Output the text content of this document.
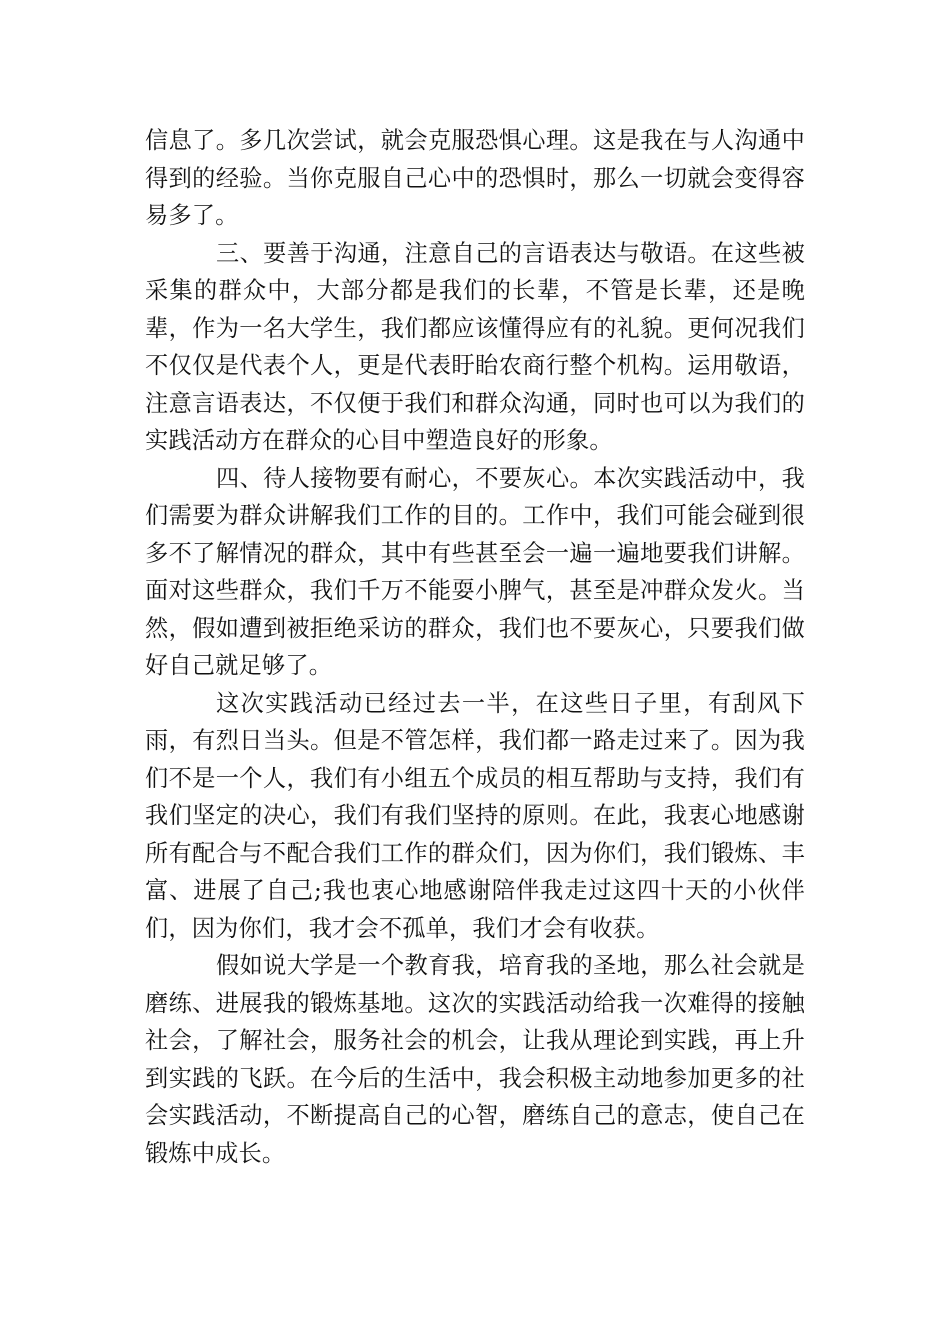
信息了。多几次尝试，就会克服恐惧心理。这是我在与人沟通中得到的经验。当你克服自己心中的恐惧时，那么一切就会变得容易多了。

三、要善于沟通，注意自己的言语表达与敬语。在这些被采集的群众中，大部分都是我们的长辈，不管是长辈，还是晚辈，作为一名大学生，我们都应该懂得应有的礼貌。更何况我们不仅仅是代表个人，更是代表盱眙农商行整个机构。运用敬语，注意言语表达，不仅便于我们和群众沟通，同时也可以为我们的实践活动方在群众的心目中塑造良好的形象。

四、待人接物要有耐心，不要灰心。本次实践活动中，我们需要为群众讲解我们工作的目的。工作中，我们可能会碰到很多不了解情况的群众，其中有些甚至会一遍一遍地要我们讲解。面对这些群众，我们千万不能耍小脾气，甚至是冲群众发火。当然，假如遭到被拒绝采访的群众，我们也不要灰心，只要我们做好自己就足够了。

这次实践活动已经过去一半，在这些日子里，有刮风下雨，有烈日当头。但是不管怎样，我们都一路走过来了。因为我们不是一个人，我们有小组五个成员的相互帮助与支持，我们有我们坚定的决心，我们有我们坚持的原则。在此，我衷心地感谢所有配合与不配合我们工作的群众们，因为你们，我们锻炼、丰富、进展了自己;我也衷心地感谢陪伴我走过这四十天的小伙伴们，因为你们，我才会不孤单，我们才会有收获。

假如说大学是一个教育我，培育我的圣地，那么社会就是磨练、进展我的锻炼基地。这次的实践活动给我一次难得的接触社会，了解社会，服务社会的机会，让我从理论到实践，再上升到实践的飞跃。在今后的生活中，我会积极主动地参加更多的社会实践活动，不断提高自己的心智，磨练自己的意志，使自己在锻炼中成长。
